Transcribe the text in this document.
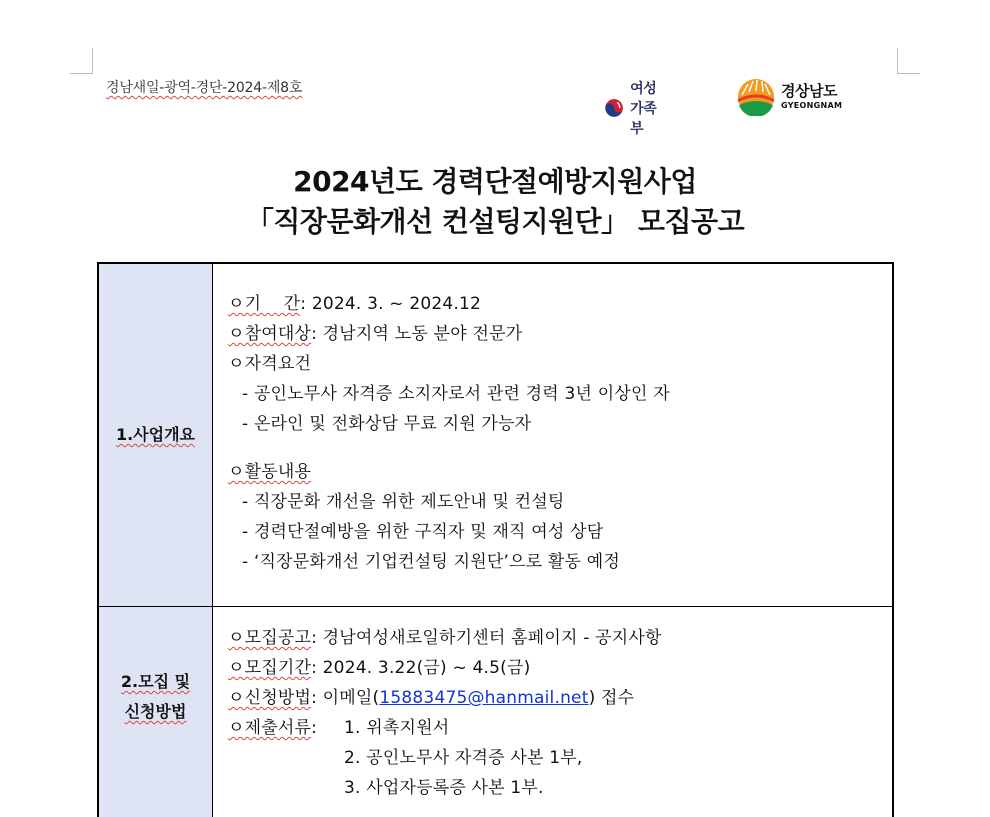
경남새일-광역-경단-2024-제8호	여성가족부
경상남도
GYEONGNAM
2024년도 경력단절예방지원사업
「직장문화개선 컨설팅지원단」 모집공고
1.사업개요
ㅇ기    간: 2024. 3. ~ 2024.12
ㅇ참여대상: 경남지역 노동 분야 전문가
ㅇ자격요건
- 공인노무사 자격증 소지자로서 관련 경력 3년 이상인 자
- 온라인 및 전화상담 무료 지원 가능자
ㅇ활동내용
- 직장문화 개선을 위한 제도안내 및 컨설팅
- 경력단절예방을 위한 구직자 및 재직 여성 상담
- ‘직장문화개선 기업컨설팅 지원단’으로 활동 예정
2.모집 및
신청방법
ㅇ모집공고: 경남여성새로일하기센터 홈페이지 - 공지사항
ㅇ모집기간: 2024. 3.22(금) ~ 4.5(금)
ㅇ신청방법: 이메일(15883475@hanmail.net) 접수
ㅇ제출서류: 1. 위촉지원서
2. 공인노무사 자격증 사본 1부,
3. 사업자등록증 사본 1부.
